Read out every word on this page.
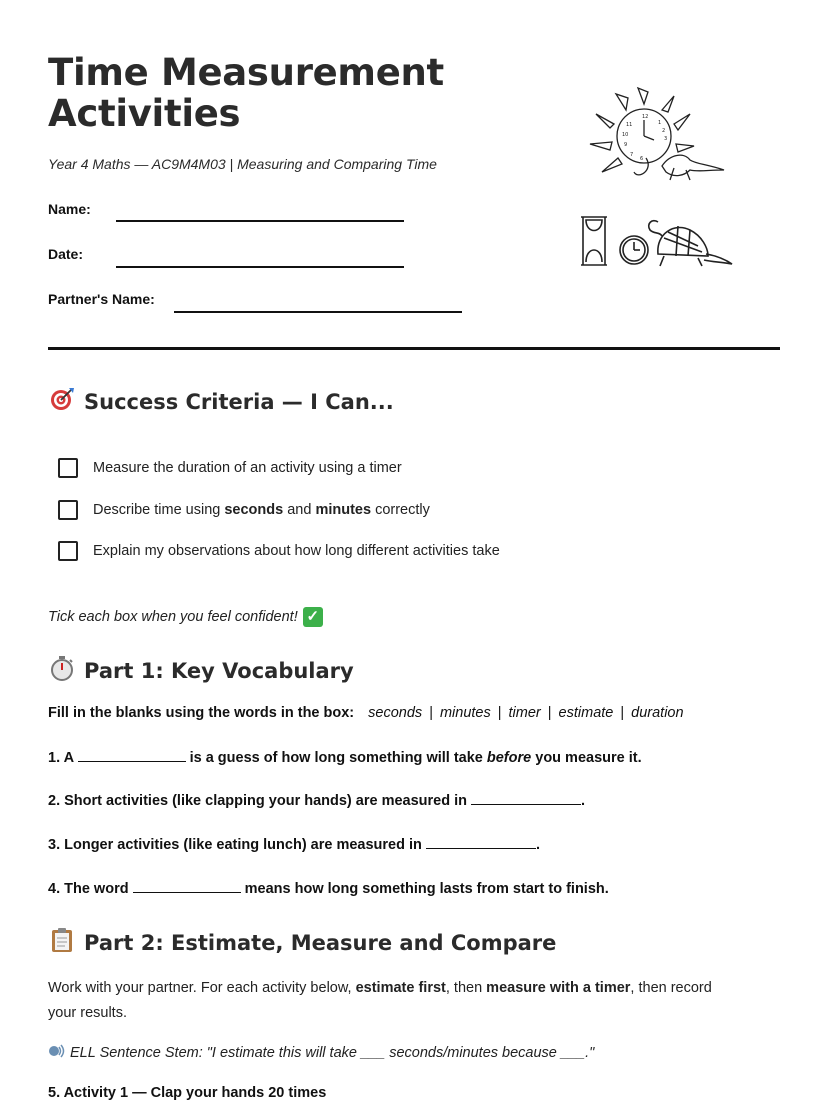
Time Measurement
Activities
Year 4 Maths — AC9M4M03 | Measuring and Comparing Time
12
1
2
3
11
10
9
7
6
Name:
Date:
Partner's Name:
Success Criteria — I Can...
Measure the duration of an activity using a timer
Describe time using seconds and minutes correctly
Explain my observations about how long different activities take
Tick each box when you feel confident! ✓
Part 1: Key Vocabulary
Fill in the blanks using the words in the box: seconds | minutes | timer | estimate | duration
1. A	is a guess of how long something will take before you measure it.
2. Short activities (like clapping your hands) are measured in	.
3. Longer activities (like eating lunch) are measured in	.
4. The word	means how long something lasts from start to finish.
Part 2: Estimate, Measure and Compare
Work with your partner. For each activity below, estimate first, then measure with a timer, then record
your results.
ELL Sentence Stem: "I estimate this will take ___ seconds/minutes because ___."
5. Activity 1 — Clap your hands 20 times
